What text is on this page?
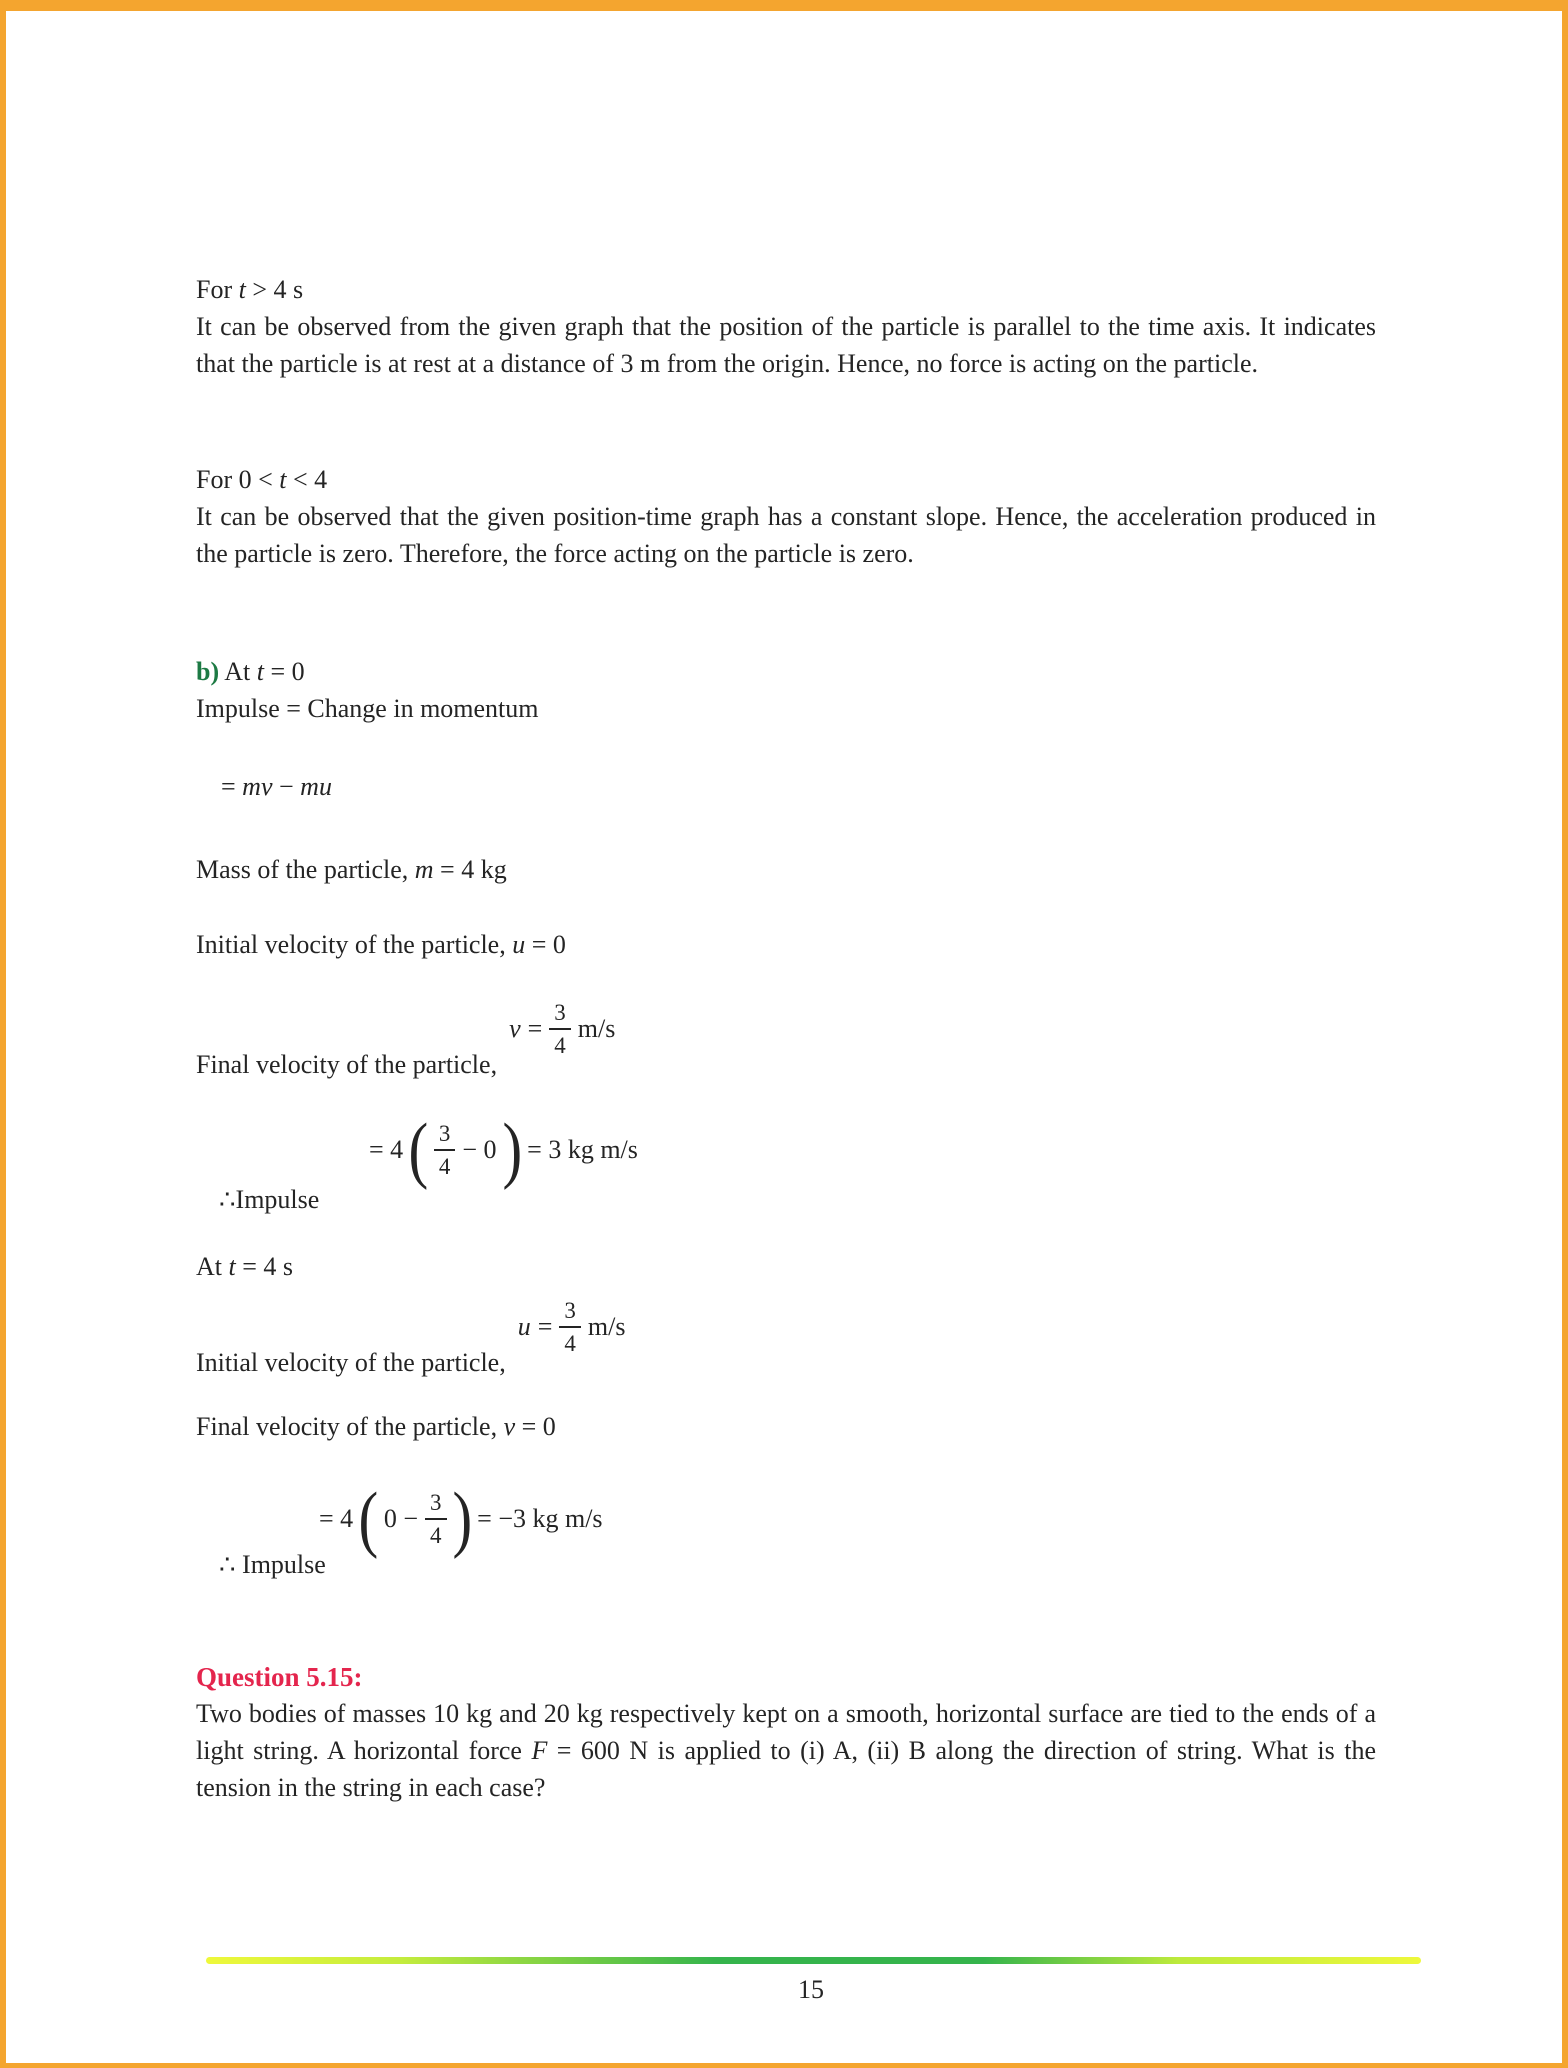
For t > 4 s

It can be observed from the given graph that the position of the particle is parallel to the time axis. It indicates that the particle is at rest at a distance of 3 m from the origin. Hence, no force is acting on the particle.

For 0 < t < 4

It can be observed that the given position-time graph has a constant slope. Hence, the acceleration produced in the particle is zero. Therefore, the force acting on the particle is zero.

b) At t = 0
Impulse = Change in momentum
= mv − mu
Mass of the particle, m = 4 kg
Initial velocity of the particle, u = 0
Final velocity of the particle,
$v = \frac{3}{4} m/s$
∴Impulse
= 4 ( $\frac{3}{4} - 0$ ) = 3 kg m/s
At t = 4 s
Initial velocity of the particle,
$u = \frac{3}{4} m/s$
Final velocity of the particle, v = 0
∴ Impulse
= 4 ( $0 - \frac{3}{4}$ ) = −3 kg m/s
Question 5.15:

Two bodies of masses 10 kg and 20 kg respectively kept on a smooth, horizontal surface are tied to the ends of a light string. A horizontal force F = 600 N is applied to (i) A, (ii) B along the direction of string. What is the tension in the string in each case?

15
